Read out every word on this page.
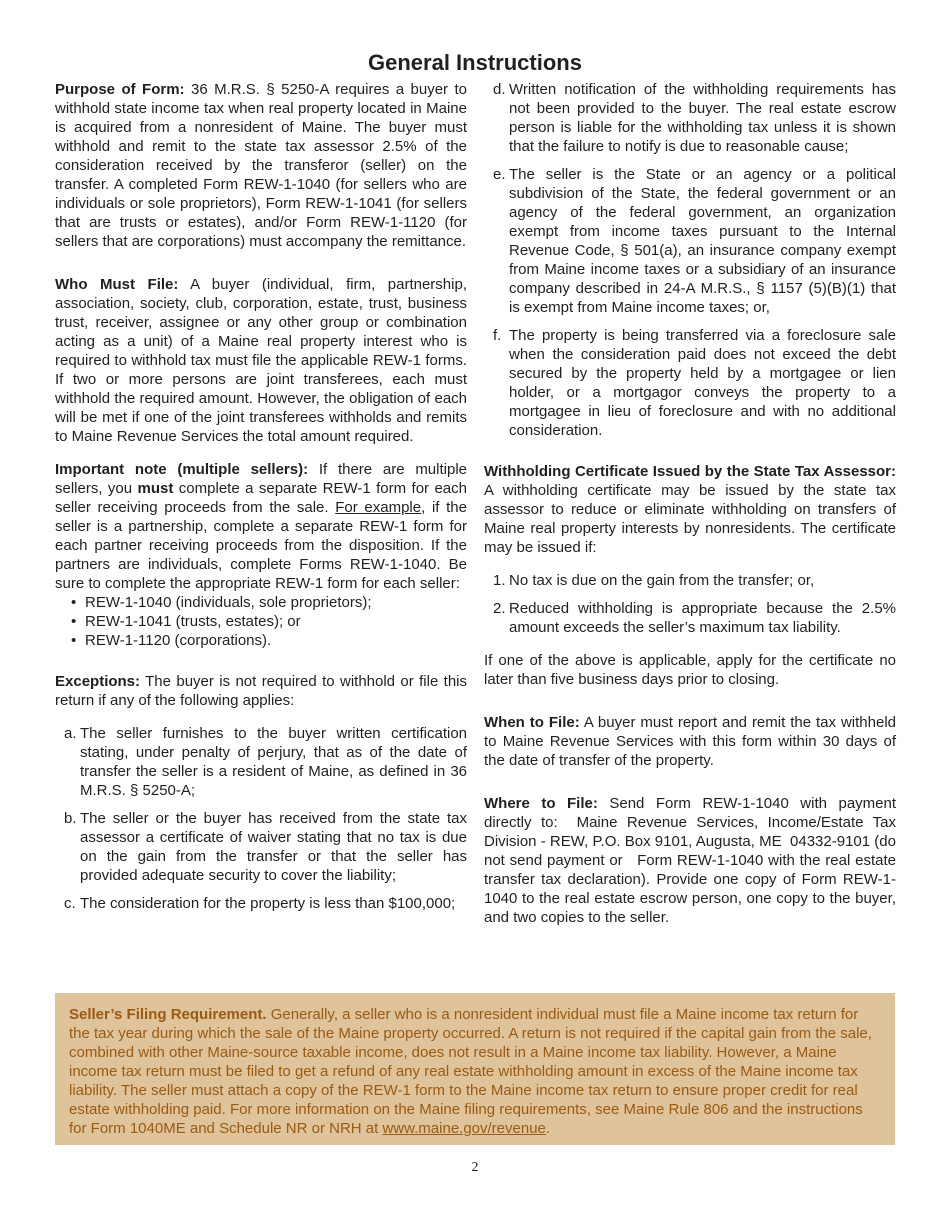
General Instructions

Purpose of Form: 36 M.R.S. § 5250-A requires a buyer to withhold state income tax when real property located in Maine is acquired from a nonresident of Maine. The buyer must withhold and remit to the state tax assessor 2.5% of the consideration received by the transferor (seller) on the transfer. A completed Form REW-1-1040 (for sellers who are individuals or sole proprietors), Form REW-1-1041 (for sellers that are trusts or estates), and/or Form REW-1-1120 (for sellers that are corporations) must accompany the remittance.

Who Must File: A buyer (individual, firm, partnership, association, society, club, corporation, estate, trust, business trust, receiver, assignee or any other group or combination acting as a unit) of a Maine real property interest who is required to withhold tax must file the applicable REW-1 forms. If two or more persons are joint transferees, each must withhold the required amount. However, the obligation of each will be met if one of the joint transferees withholds and remits to Maine Revenue Services the total amount required.

Important note (multiple sellers): If there are multiple sellers, you must complete a separate REW-1 form for each seller receiving proceeds from the sale. For example, if the seller is a partnership, complete a separate REW-1 form for each partner receiving proceeds from the disposition. If the partners are individuals, complete Forms REW-1-1040. Be sure to complete the appropriate REW-1 form for each seller:

• REW-1-1040 (individuals, sole proprietors);
• REW-1-1041 (trusts, estates); or
• REW-1-1120 (corporations).

Exceptions: The buyer is not required to withhold or file this return if any of the following applies:

a. The seller furnishes to the buyer written certification stating, under penalty of perjury, that as of the date of transfer the seller is a resident of Maine, as defined in 36 M.R.S. § 5250-A;
b. The seller or the buyer has received from the state tax assessor a certificate of waiver stating that no tax is due on the gain from the transfer or that the seller has provided adequate security to cover the liability;
c. The consideration for the property is less than $100,000;
d. Written notification of the withholding requirements has not been provided to the buyer. The real estate escrow person is liable for the withholding tax unless it is shown that the failure to notify is due to reasonable cause;
e. The seller is the State or an agency or a political subdivision of the State, the federal government or an agency of the federal government, an organization exempt from income taxes pursuant to the Internal Revenue Code, § 501(a), an insurance company exempt from Maine income taxes or a subsidiary of an insurance company described in 24-A M.R.S., § 1157 (5)(B)(1) that is exempt from Maine income taxes; or,
f. The property is being transferred via a foreclosure sale when the consideration paid does not exceed the debt secured by the property held by a mortgagee or lien holder, or a mortgagor conveys the property to a mortgagee in lieu of foreclosure and with no additional consideration.

Withholding Certificate Issued by the State Tax Assessor: A withholding certificate may be issued by the state tax assessor to reduce or eliminate withholding on transfers of Maine real property interests by nonresidents. The certificate may be issued if:

1. No tax is due on the gain from the transfer; or,
2. Reduced withholding is appropriate because the 2.5% amount exceeds the seller’s maximum tax liability.

If one of the above is applicable, apply for the certificate no later than five business days prior to closing.

When to File: A buyer must report and remit the tax withheld to Maine Revenue Services with this form within 30 days of the date of transfer of the property.

Where to File: Send Form REW-1-1040 with payment directly to:  Maine Revenue Services, Income/Estate Tax Division - REW, P.O. Box 9101, Augusta, ME  04332-9101 (do not send payment or   Form REW-1-1040 with the real estate transfer tax declaration). Provide one copy of Form REW-1-1040 to the real estate escrow person, one copy to the buyer, and two copies to the seller.

Seller’s Filing Requirement. Generally, a seller who is a nonresident individual must file a Maine income tax return for the tax year during which the sale of the Maine property occurred. A return is not required if the capital gain from the sale, combined with other Maine-source taxable income, does not result in a Maine income tax liability. However, a Maine income tax return must be filed to get a refund of any real estate withholding amount in excess of the Maine income tax liability. The seller must attach a copy of the REW-1 form to the Maine income tax return to ensure proper credit for real estate withholding paid. For more information on the Maine filing requirements, see Maine Rule 806 and the instructions for Form 1040ME and Schedule NR or NRH at www.maine.gov/revenue.
2
